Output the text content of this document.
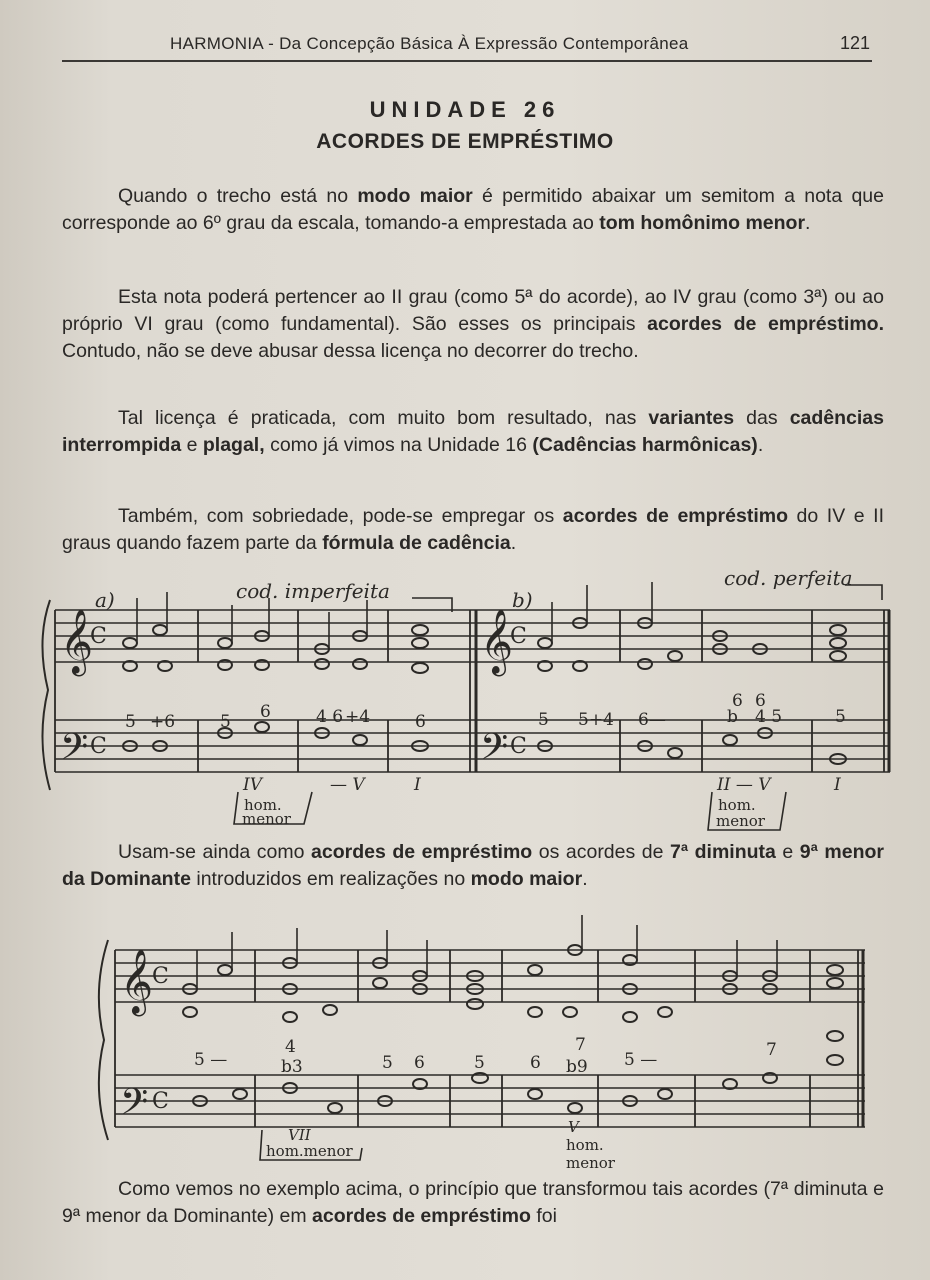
HARMONIA - Da Concepção Básica À Expressão Contemporânea	121
UNIDADE 26
ACORDES DE EMPRÉSTIMO

Quando o trecho está no modo maior é permitido abaixar um semitom a nota que corresponde ao 6º grau da escala, tomando-a emprestada ao tom homônimo menor.

Esta nota poderá pertencer ao II grau (como 5ª do acorde), ao IV grau (como 3ª) ou ao próprio VI grau (como fundamental). São esses os principais acordes de empréstimo. Contudo, não se deve abusar dessa licença no decorrer do trecho.

Tal licença é praticada, com muito bom resultado, nas variantes das cadências interrompida e plagal, como já vimos na Unidade 16 (Cadências harmônicas).

Também, com sobriedade, pode-se empregar os acordes de empréstimo do IV e II graus quando fazem parte da fórmula de cadência.

Usam-se ainda como acordes de empréstimo os acordes de 7ª diminuta e 9ª menor da Dominante introduzidos em realizações no modo maior.

Como vemos no exemplo acima, o princípio que transformou tais acordes (7ª diminuta e 9ª menor da Dominante) em acordes de empréstimo foi

𝄞
𝄢
𝄞
𝄢
𝄞
𝄢
C
C
C
C
C
C
a)	b)
cod. imperfeita
cod. perfeita
5 +6	5 6	4 6 +4	6	5 5+4 6—
6
b
6
4 5	5
IV	— V	I	II — V	I
hom.
menor
hom.
menor
5 —
4
b3	5 6	5	6
7
b9 5 —	7
VII
hom.menor
V
hom.
menor
